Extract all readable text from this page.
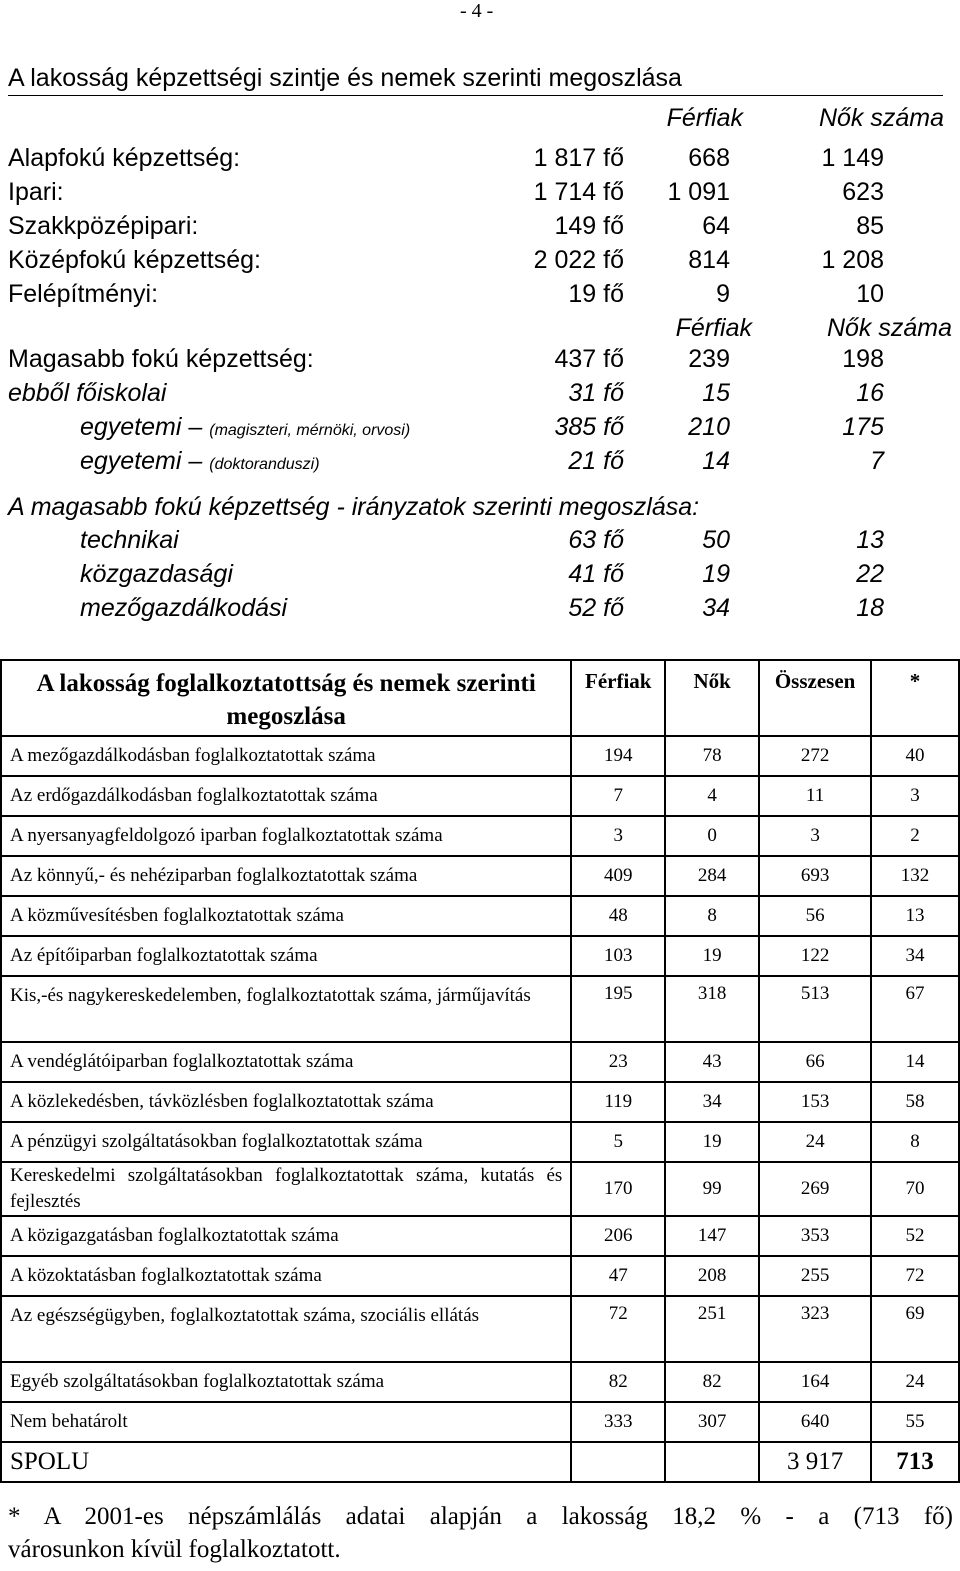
- 4 -
A lakosság képzettségi szintje és nemek szerinti megoszlása
Férfiak	Nők száma
Alapfokú képzettség:	1 817 fő	668	1 149
Ipari:	1 714 fő 1 091	623
Szakkpözépipari:	149 fő	64	85
Középfokú képzettség:	2 022 fő	814	1 208
Felépítményi:	19 fő	9	10
Férfiak	Nők száma
Magasabb fokú képzettség:	437 fő	239	198
ebből főiskolai	31 fő	15	16
egyetemi – (magiszteri, mérnöki, orvosi)	385 fő	210	175
egyetemi – (doktoranduszi)	21 fő	14	7
A magasabb fokú képzettség - irányzatok szerinti megoszlása:
technikai	63 fő	50	13
közgazdasági	41 fő	19	22
mezőgazdálkodási	52 fő	34	18
A lakosság foglalkoztatottság és nemek szerinti megoszlása	Férfiak	Nők	Összesen	*
A mezőgazdálkodásban foglalkoztatottak száma	194	78	272	40
Az erdőgazdálkodásban foglalkoztatottak száma	7	4	11	3
A nyersanyagfeldolgozó iparban foglalkoztatottak száma	3	0	3	2
Az könnyű,- és nehéziparban foglalkoztatottak száma	409	284	693	132
A közművesítésben foglalkoztatottak száma	48	8	56	13
Az építőiparban foglalkoztatottak száma	103	19	122	34
Kis,-és nagykereskedelemben, foglalkoztatottak száma, járműjavítás	195	318	513	67
A vendéglátóiparban foglalkoztatottak száma	23	43	66	14
A közlekedésben, távközlésben foglalkoztatottak száma	119	34	153	58
A pénzügyi szolgáltatásokban foglalkoztatottak száma	5	19	24	8
Kereskedelmi szolgáltatásokban foglalkoztatottak száma, kutatás és fejlesztés	170	99	269	70
A közigazgatásban foglalkoztatottak száma	206	147	353	52
A közoktatásban foglalkoztatottak száma	47	208	255	72
Az egészségügyben, foglalkoztatottak száma, szociális ellátás	72	251	323	69
Egyéb szolgáltatásokban foglalkoztatottak száma	82	82	164	24
Nem behatárolt	333	307	640	55
SPOLU			3 917	713
* A 2001-es népszámlálás adatai alapján a lakosság 18,2 % - a (713 fő)
városunkon kívül foglalkoztatott.
